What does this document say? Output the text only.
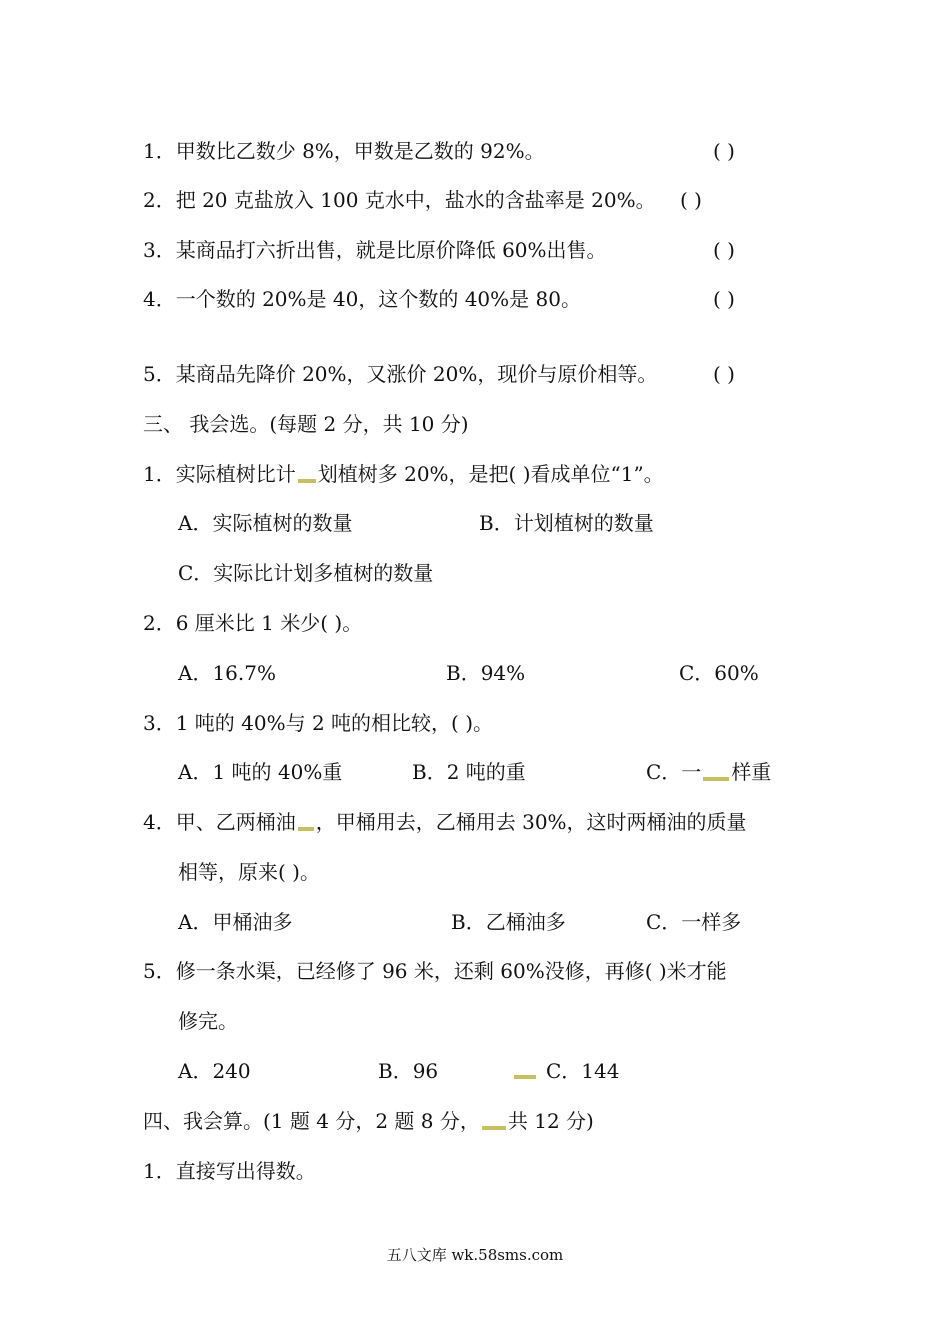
1．甲数比乙数少 8%，甲数是乙数的 92%。	( )
2．把 20 克盐放入 100 克水中，盐水的含盐率是 20%。 ( )
3．某商品打六折出售，就是比原价降低 60%出售。	( )
4．一个数的 20%是 40，这个数的 40%是 80。	( )
5．某商品先降价 20%，又涨价 20%，现价与原价相等。	( )
三、 我会选。(每题 2 分，共 10 分)
1．实际植树比计 划植树多 20%，是把( )看成单位“1”。
A．实际植树的数量	B．计划植树的数量
C．实际比计划多植树的数量
2．6 厘米比 1 米少( )。
A．16.7%	B．94%	C．60%
3．1 吨的 40%与 2 吨的相比较，( )。
A．1 吨的 40%重	B．2 吨的重	C．一 样重
4．甲、乙两桶油 ，甲桶用去，乙桶用去 30%，这时两桶油的质量
相等，原来( )。
A．甲桶油多	B．乙桶油多	C．一样多
5．修一条水渠，已经修了 96 米，还剩 60%没修，再修( )米才能
修完。
A．240	B．96	C．144
四、我会算。(1 题 4 分，2 题 8 分， 共 12 分)
1．直接写出得数。
五八文库 wk.58sms.com
